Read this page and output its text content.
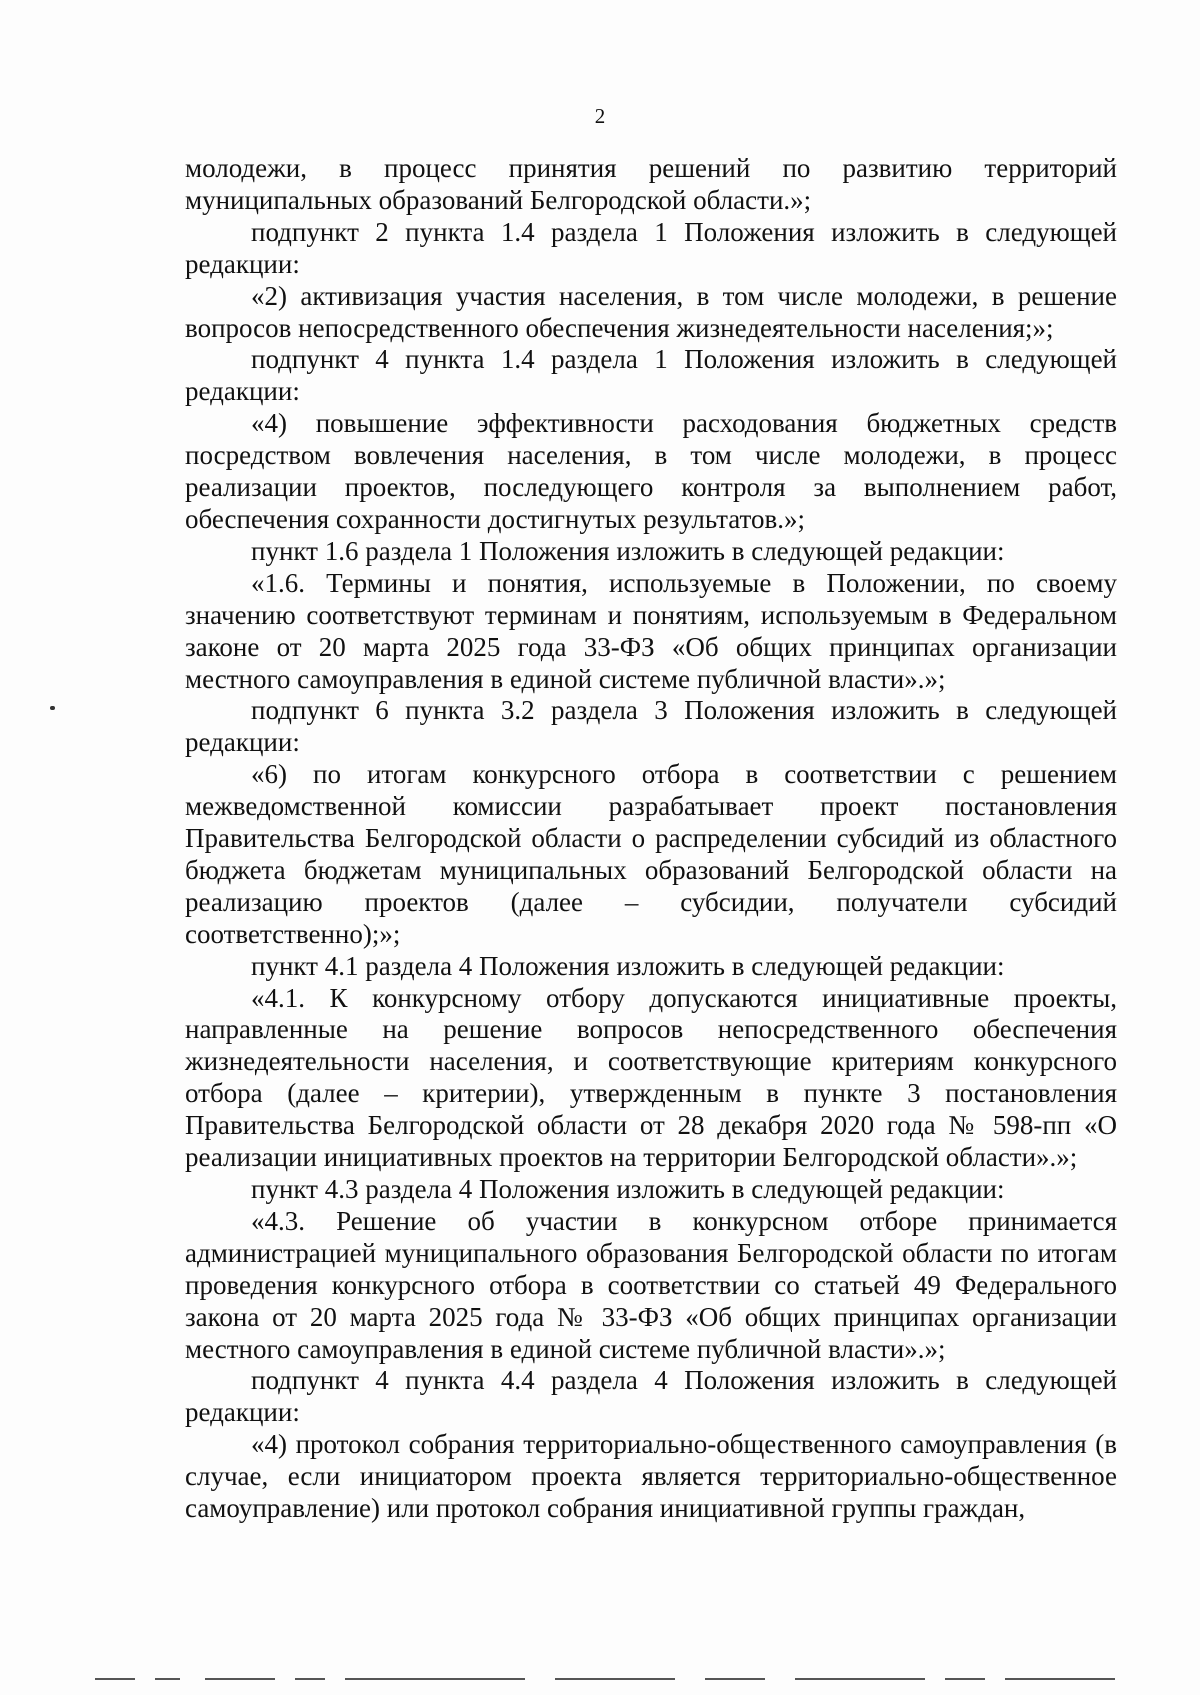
2

молодежи, в процесс принятия решений по развитию территорий муниципальных образований Белгородской области.»;

подпункт 2 пункта 1.4 раздела 1 Положения изложить в следующей редакции:

«2) активизация участия населения, в том числе молодежи, в решение вопросов непосредственного обеспечения жизнедеятельности населения;»;

подпункт 4 пункта 1.4 раздела 1 Положения изложить в следующей редакции:

«4) повышение эффективности расходования бюджетных средств посредством вовлечения населения, в том числе молодежи, в процесс реализации проектов, последующего контроля за выполнением работ, обеспечения сохранности достигнутых результатов.»;

пункт 1.6 раздела 1 Положения изложить в следующей редакции:

«1.6. Термины и понятия, используемые в Положении, по своему значению соответствуют терминам и понятиям, используемым в Федеральном законе от 20 марта 2025 года 33-ФЗ «Об общих принципах организации местного самоуправления в единой системе публичной власти».»;

подпункт 6 пункта 3.2 раздела 3 Положения изложить в следующей редакции:

«6) по итогам конкурсного отбора в соответствии с решением межведомственной комиссии разрабатывает проект постановления Правительства Белгородской области о распределении субсидий из областного бюджета бюджетам муниципальных образований Белгородской области на реализацию проектов (далее – субсидии, получатели субсидий соответственно);»;

пункт 4.1 раздела 4 Положения изложить в следующей редакции:

«4.1. К конкурсному отбору допускаются инициативные проекты, направленные на решение вопросов непосредственного обеспечения жизнедеятельности населения, и соответствующие критериям конкурсного отбора (далее – критерии), утвержденным в пункте 3 постановления Правительства Белгородской области от 28 декабря 2020 года № 598-пп «О реализации инициативных проектов на территории Белгородской области».»;

пункт 4.3 раздела 4 Положения изложить в следующей редакции:

«4.3. Решение об участии в конкурсном отборе принимается администрацией муниципального образования Белгородской области по итогам проведения конкурсного отбора в соответствии со статьей 49 Федерального закона от 20 марта 2025 года № 33-ФЗ «Об общих принципах организации местного самоуправления в единой системе публичной власти».»;

подпункт 4 пункта 4.4 раздела 4 Положения изложить в следующей редакции:

«4) протокол собрания территориально-общественного самоуправления (в случае, если инициатором проекта является территориально-общественное самоуправление) или протокол собрания инициативной группы граждан,
